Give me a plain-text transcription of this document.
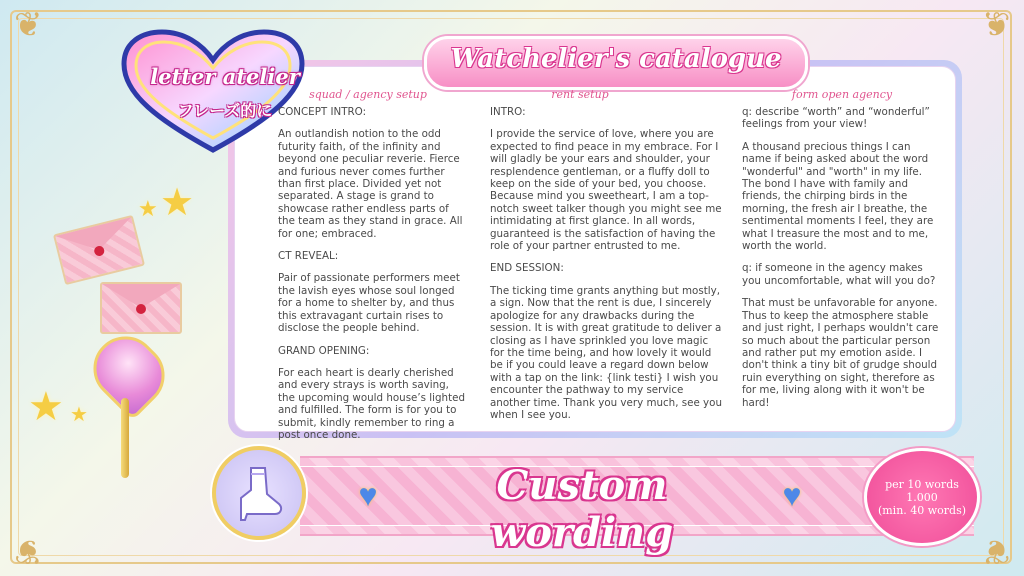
❦	❦
❦	❦
letter atelier
フレーズ的に
Watchelier's catalogue
squad / agency setup	rent setup	form open agency

CONCEPT INTRO:

An outlandish notion to the odd futurity faith, of the infinity and beyond one peculiar reverie. Fierce and furious never comes further than first place. Divided yet not separated. A stage is grand to showcase rather endless parts of the team as they stand in grace. All for one; embraced.

CT REVEAL:

Pair of passionate performers meet the lavish eyes whose soul longed for a home to shelter by, and thus this extravagant curtain rises to disclose the people behind.

GRAND OPENING:

For each heart is dearly cherished and every strays is worth saving, the upcoming would house’s lighted and fulfilled. The form is for you to submit, kindly remember to ring a post once done.

INTRO:

I provide the service of love, where you are expected to find peace in my embrace. For I will gladly be your ears and shoulder, your resplendence gentleman, or a fluffy doll to keep on the side of your bed, you choose. Because mind you sweetheart, I am a top-notch sweet talker though you might see me intimidating at first glance. In all words, guaranteed is the satisfaction of having the role of your partner entrusted to me.

END SESSION:

The ticking time grants anything but mostly, a sign. Now that the rent is due, I sincerely apologize for any drawbacks during the session. It is with great gratitude to deliver a closing as I have sprinkled you love magic for the time being, and how lovely it would be if you could leave a regard down below with a tap on the link: {link testi} I wish you encounter the pathway to my service another time. Thank you very much, see you when I see you.

q: describe “worth” and “wonderful” feelings from your view!

A thousand precious things I can name if being asked about the word "wonderful" and "worth" in my life. The bond I have with family and friends, the chirping birds in the morning, the fresh air I breathe, the sentimental moments I feel, they are what I treasure the most and to me, worth the world.

q: if someone in the agency makes you uncomfortable, what will you do?

That must be unfavorable for anyone. Thus to keep the atmosphere stable and just right, I perhaps wouldn't care so much about the particular person and rather put my emotion aside. I don't think a tiny bit of grudge should ruin everything on sight, therefore as for me, living along with it won't be hard!

★
★
★ ★
♥	♥
Custom wording
per 10 words
1.000
(min. 40 words)
